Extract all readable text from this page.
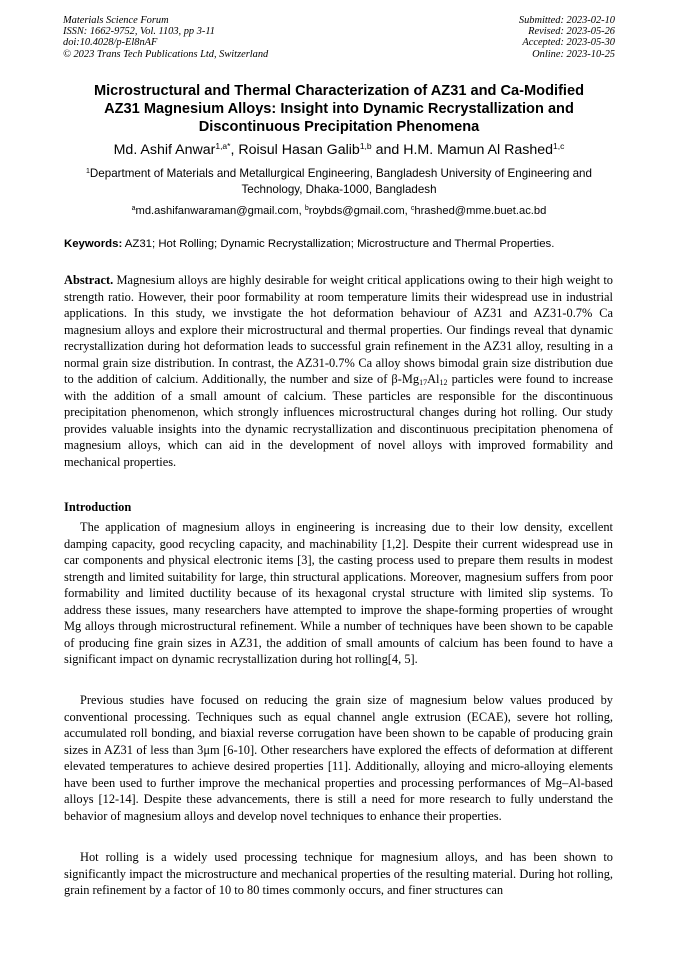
Materials Science Forum
ISSN: 1662-9752, Vol. 1103, pp 3-11
doi:10.4028/p-El8nAF
© 2023 Trans Tech Publications Ltd, Switzerland
Submitted: 2023-02-10
Revised: 2023-05-26
Accepted: 2023-05-30
Online: 2023-10-25
Microstructural and Thermal Characterization of AZ31 and Ca-Modified
AZ31 Magnesium Alloys: Insight into Dynamic Recrystallization and
Discontinuous Precipitation Phenomena
Md. Ashif Anwar$^{1,a*}$, Roisul Hasan Galib$^{1,b}$ and H.M. Mamun Al Rashed$^{1,c}$
$^1$Department of Materials and Metallurgical Engineering, Bangladesh University of Engineering and Technology, Dhaka-1000, Bangladesh
$^a$md.ashifanwaraman@gmail.com, $^b$roybds@gmail.com, $^c$hrashed@mme.buet.ac.bd
Keywords: AZ31; Hot Rolling; Dynamic Recrystallization; Microstructure and Thermal Properties.
Abstract. Magnesium alloys are highly desirable for weight critical applications owing to their high weight to strength ratio. However, their poor formability at room temperature limits their widespread use in industrial applications. In this study, we invstigate the hot deformation behaviour of AZ31 and AZ31-0.7% Ca magnesium alloys and explore their microstructural and thermal properties. Our findings reveal that dynamic recrystallization during hot deformation leads to successful grain refinement in the AZ31 alloy, resulting in a normal grain size distribution. In contrast, the AZ31-0.7% Ca alloy shows bimodal grain size distribution due to the addition of calcium. Additionally, the number and size of $\beta-Mg_{17}Al_{12}$ particles were found to increase with the addition of a small amount of calcium. These particles are responsible for the discontinuous precipitation phenomenon, which strongly influences microstructural changes during hot rolling. Our study provides valuable insights into the dynamic recrystallization and discontinuous precipitation phenomena of magnesium alloys, which can aid in the development of novel alloys with improved formability and mechanical properties.
Introduction
The application of magnesium alloys in engineering is increasing due to their low density, excellent damping capacity, good recycling capacity, and machinability [1,2]. Despite their current widespread use in car components and physical electronic items [3], the casting process used to prepare them results in modest strength and limited suitability for large, thin structural applications. Moreover, magnesium suffers from poor formability and limited ductility because of its hexagonal crystal structure with limited slip systems. To address these issues, many researchers have attempted to improve the shape-forming properties of wrought Mg alloys through microstructural refinement. While a number of techniques have been shown to be capable of producing fine grain sizes in AZ31, the addition of small amounts of calcium has been found to have a significant impact on dynamic recrystallization during hot rolling[4, 5].
Previous studies have focused on reducing the grain size of magnesium below values produced by conventional processing. Techniques such as equal channel angle extrusion (ECAE), severe hot rolling, accumulated roll bonding, and biaxial reverse corrugation have been shown to be capable of producing grain sizes in AZ31 of less than 3μm [6-10]. Other researchers have explored the effects of deformation at different elevated temperatures to achieve desired properties [11]. Additionally, alloying and micro-alloying elements have been used to further improve the mechanical properties and processing performances of Mg–Al-based alloys [12-14]. Despite these advancements, there is still a need for more research to fully understand the behavior of magnesium alloys and develop novel techniques to enhance their properties.
Hot rolling is a widely used processing technique for magnesium alloys, and has been shown to significantly impact the microstructure and mechanical properties of the resulting material. During hot rolling, grain refinement by a factor of 10 to 80 times commonly occurs, and finer structures can
